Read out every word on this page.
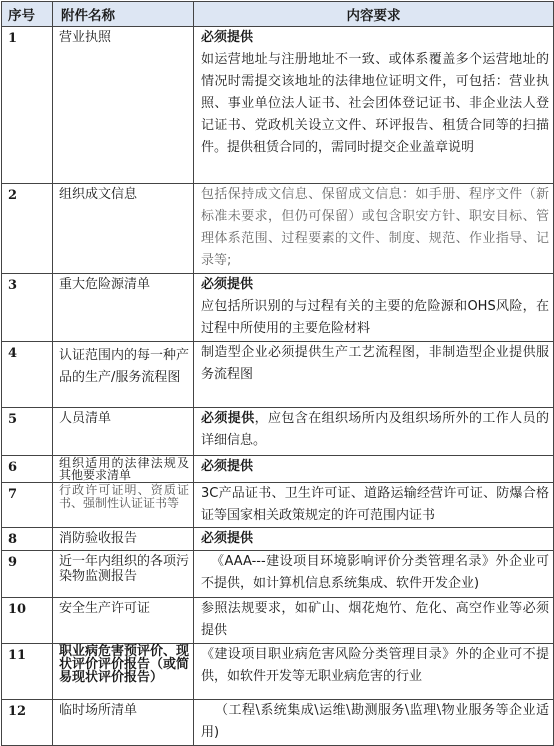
序号	附件名称	内容要求
1	营业执照	必须提供
如运营地址与注册地址不一致、或体系覆盖多个运营地址的情况时需提交该地址的法律地位证明文件，可包括：营业执照、事业单位法人证书、社会团体登记证书、非企业法人登记证书、党政机关设立文件、环评报告、租赁合同等的扫描件。提供租赁合同的，需同时提交企业盖章说明

2	组织成文信息	包括保持成文信息、保留成文信息：如手册、程序文件（新标准未要求，但仍可保留）或包含职安方针、职安目标、管理体系范围、过程要素的文件、制度、规范、作业指导、记录等;

3	重大危险源清单	必须提供
应包括所识别的与过程有关的主要的危险源和OHS风险，在过程中所使用的主要危险材料

4	认证范围内的每一种产品的生产/服务流程图	制造型企业必须提供生产工艺流程图，非制造型企业提供服务流程图

5	人员清单	必须提供，应包含在组织场所内及组织场所外的工作人员的详细信息。
6	组织适用的法律法规及其他要求清单	必须提供

7	行政许可证明、资质证书、强制性认证证书等	3C产品证书、卫生许可证、道路运输经营许可证、防爆合格证等国家相关政策规定的许可范围内证书

8	消防验收报告	必须提供

9	近一年内组织的各项污染物监测报告	《AAA---建设项目环境影响评价分类管理名录》外企业可不提供，如计算机信息系统集成、软件开发企业)

10	安全生产许可证	参照法规要求，如矿山、烟花炮竹、危化、高空作业等必须提供

11	职业病危害预评价、现状评价评价报告（或简易现状评价报告）	《建设项目职业病危害风险分类管理目录》外的企业可不提供，如软件开发等无职业病危害的行业

12	临时场所清单	（工程\系统集成\运维\勘测服务\监理\物业服务等企业适用)
